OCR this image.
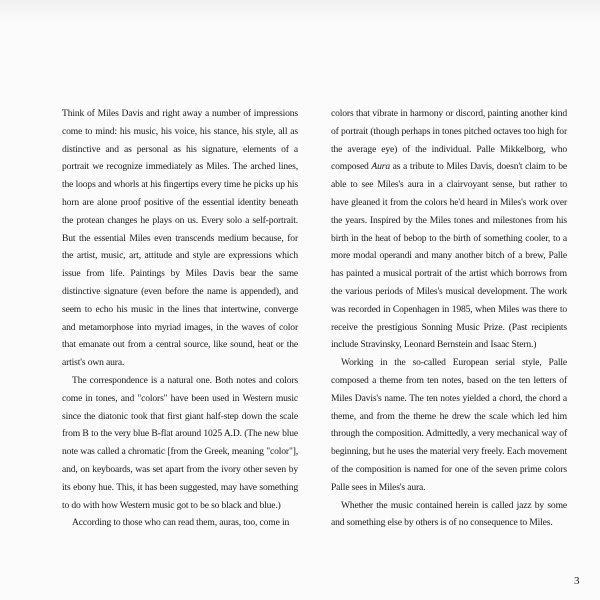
Think of Miles Davis and right away a number of impressions come to mind: his music, his voice, his stance, his style, all as distinctive and as personal as his signature, elements of a portrait we recognize immediately as Miles. The arched lines, the loops and whorls at his fingertips every time he picks up his horn are alone proof positive of the essential identity beneath the protean changes he plays on us. Every solo a self-portrait. But the essential Miles even transcends medium because, for the artist, music, art, attitude and style are expressions which issue from life. Paintings by Miles Davis bear the same distinctive signature (even before the name is appended), and seem to echo his music in the lines that intertwine, converge and metamorphose into myriad images, in the waves of color that emanate out from a central source, like sound, heat or the artist's own aura.

The correspondence is a natural one. Both notes and colors come in tones, and "colors" have been used in Western music since the diatonic took that first giant half-step down the scale from B to the very blue B-flat around 1025 A.D. (The new blue note was called a chromatic [from the Greek, meaning "color"], and, on keyboards, was set apart from the ivory other seven by its ebony hue. This, it has been suggested, may have something to do with how Western music got to be so black and blue.)

According to those who can read them, auras, too, come in

colors that vibrate in harmony or discord, painting another kind of portrait (though perhaps in tones pitched octaves too high for the average eye) of the individual. Palle Mikkelborg, who composed Aura as a tribute to Miles Davis, doesn't claim to be able to see Miles's aura in a clairvoyant sense, but rather to have gleaned it from the colors he'd heard in Miles's work over the years. Inspired by the Miles tones and milestones from his birth in the heat of bebop to the birth of something cooler, to a more modal operandi and many another bitch of a brew, Palle has painted a musical portrait of the artist which borrows from the various periods of Miles's musical development. The work was recorded in Copenhagen in 1985, when Miles was there to receive the prestigious Sonning Music Prize. (Past recipients include Stravinsky, Leonard Bernstein and Isaac Stern.)

Working in the so-called European serial style, Palle composed a theme from ten notes, based on the ten letters of Miles Davis's name. The ten notes yielded a chord, the chord a theme, and from the theme he drew the scale which led him through the composition. Admittedly, a very mechanical way of beginning, but he uses the material very freely. Each movement of the composition is named for one of the seven prime colors Palle sees in Miles's aura.

Whether the music contained herein is called jazz by some and something else by others is of no consequence to Miles.

3
